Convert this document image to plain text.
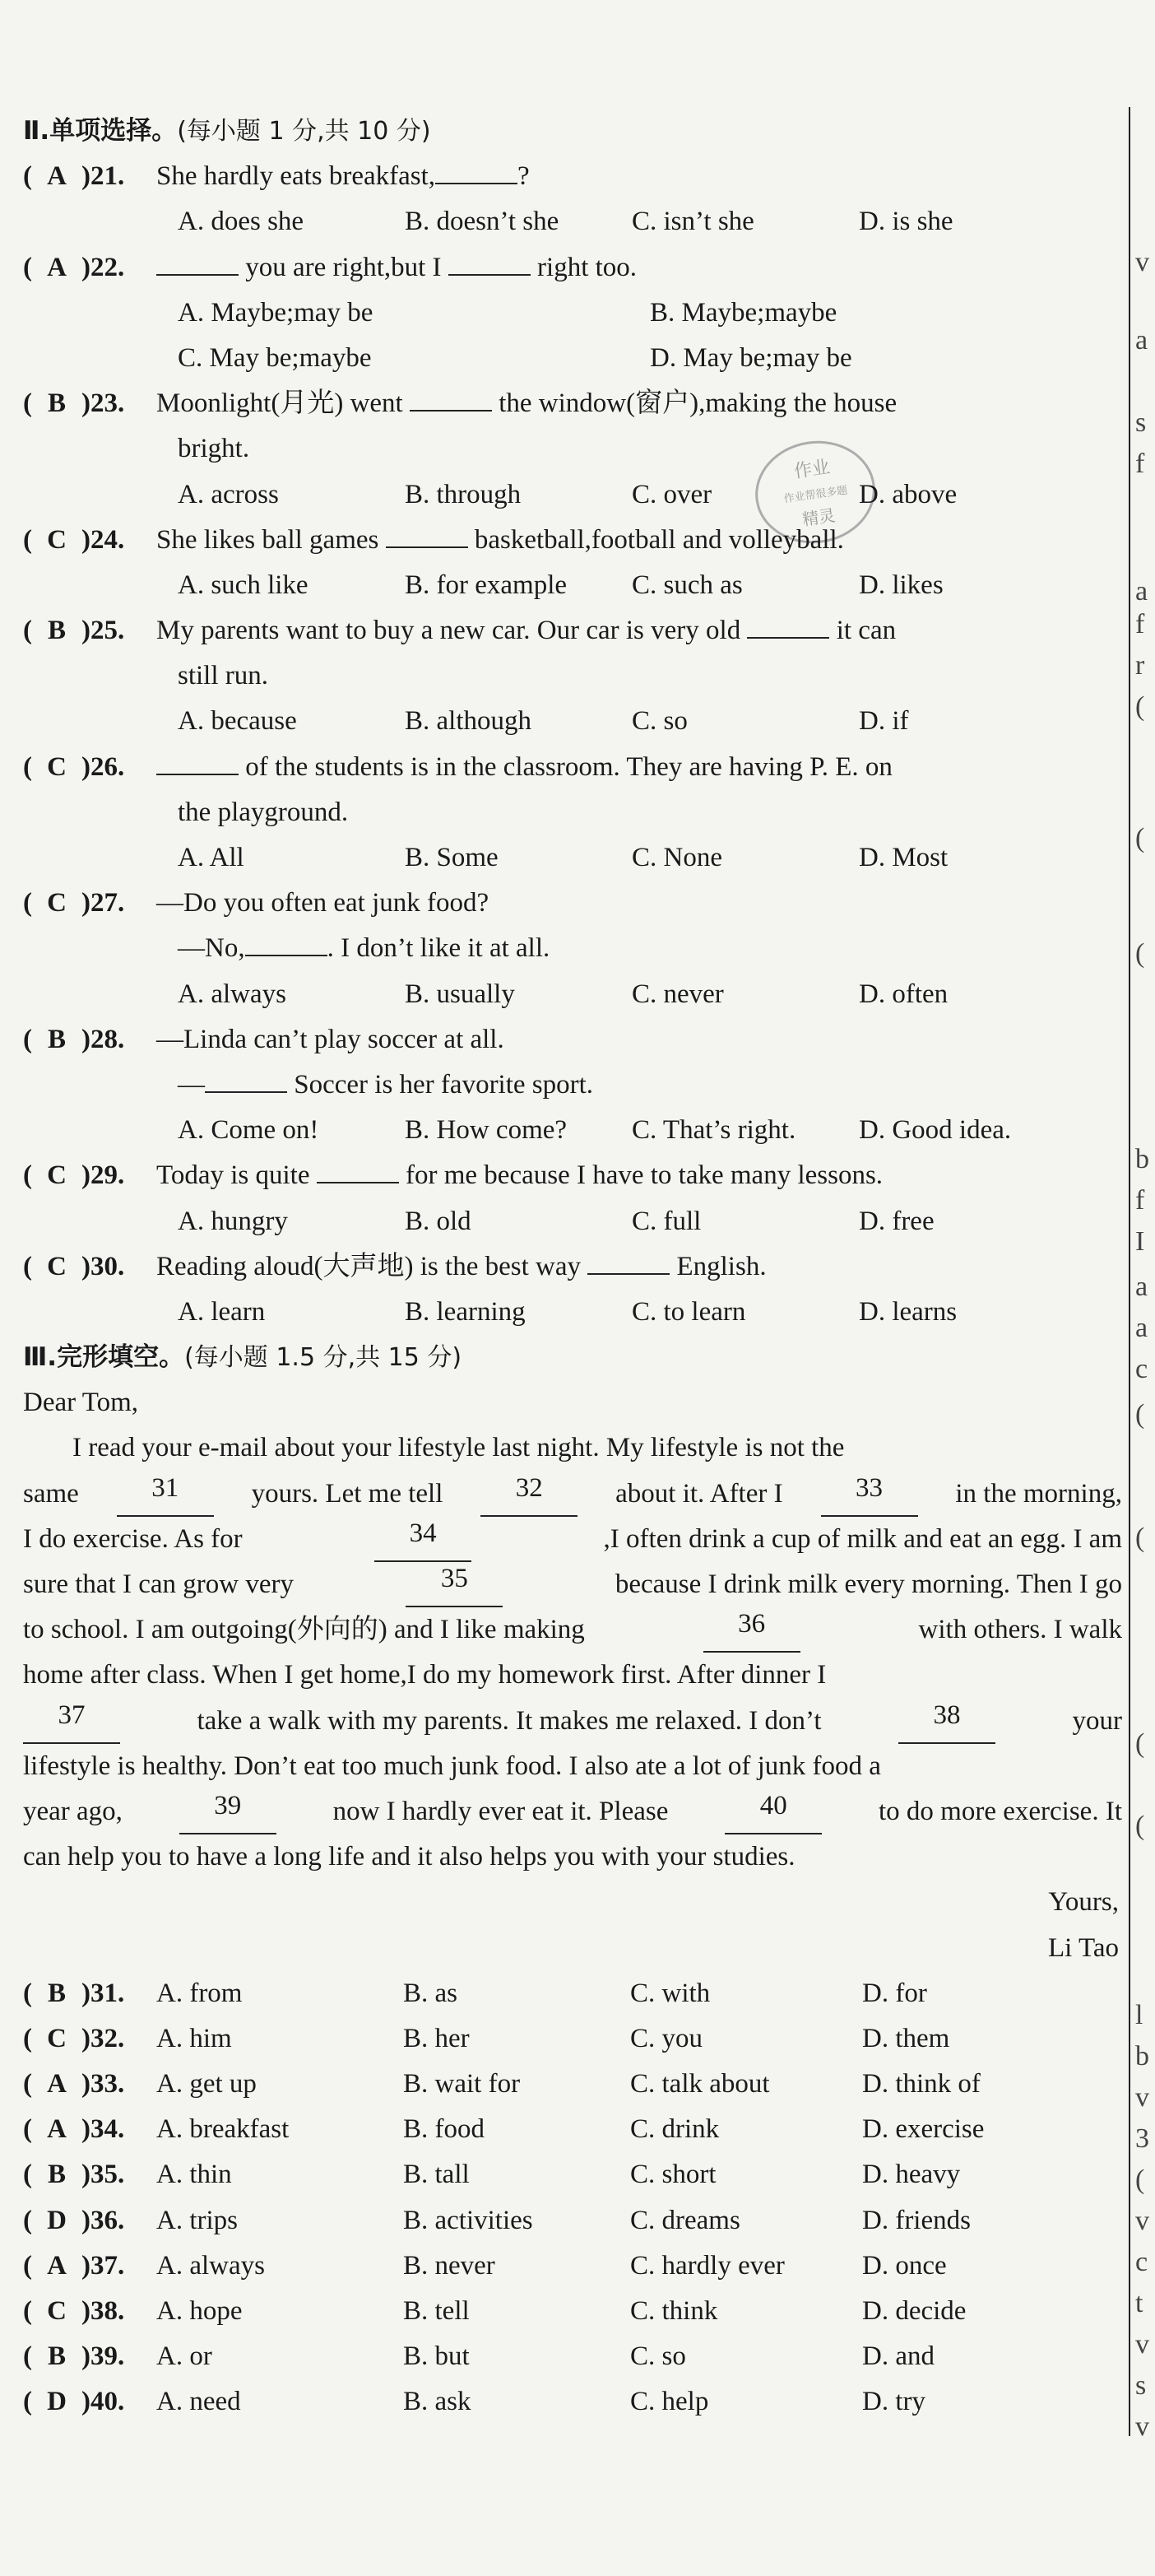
v
a
s
f
a
f
r
(
(
(
b
f
I
a
a
c
(
(
(
(
l
b
v
3
(
v
c
t
v
s
v
作业
作业帮很多题
精灵
Ⅱ.单项选择。(每小题 1 分,共 10 分)
( A )21. She hardly eats breakfast,	?
A. does she	B. doesn’t she	C. isn’t she	D. is she
( A )22.	you are right,but I	right too.
A. Maybe;may be	B. Maybe;maybe
C. May be;maybe	D. May be;may be
( B )23. Moonlight(月光) went	the window(窗户),making the house
bright.
A. across	B. through	C. over	D. above
( C )24. She likes ball games	basketball,football and volleyball.
A. such like	B. for example	C. such as	D. likes
( B )25. My parents want to buy a new car. Our car is very old	it can
still run.
A. because	B. although	C. so	D. if
( C )26.	of the students is in the classroom. They are having P. E. on
the playground.
A. All	B. Some	C. None	D. Most
( C )27. —Do you often eat junk food?
—No,	. I don’t like it at all.
A. always	B. usually	C. never	D. often
( B )28. —Linda can’t play soccer at all.
—	Soccer is her favorite sport.
A. Come on!	B. How come?	C. That’s right.	D. Good idea.
( C )29. Today is quite	for me because I have to take many lessons.
A. hungry	B. old	C. full	D. free
( C )30. Reading aloud(大声地) is the best way	English.
A. learn	B. learning	C. to learn	D. learns
Ⅲ.完形填空。(每小题 1.5 分,共 15 分)
Dear Tom,
I read your e-mail about your lifestyle last night. My lifestyle is not the
same	31	yours. Let me tell	32	about it. After I	33	in the morning,
I do exercise. As for	34	,I often drink a cup of milk and eat an egg. I am
sure that I can grow very	35	because I drink milk every morning. Then I go
to school. I am outgoing(外向的) and I like making	36	with others. I walk
home after class. When I get home,I do my homework first. After dinner I
37	take a walk with my parents. It makes me relaxed. I don’t	38	your
lifestyle is healthy. Don’t eat too much junk food. I also ate a lot of junk food a
year ago,	39	now I hardly ever eat it. Please	40	to do more exercise. It
can help you to have a long life and it also helps you with your studies.
Yours,
Li Tao
( B )31.	A. from	B. as	C. with	D. for
( C )32.	A. him	B. her	C. you	D. them
( A )33.	A. get up	B. wait for	C. talk about	D. think of
( A )34.	A. breakfast	B. food	C. drink	D. exercise
( B )35.	A. thin	B. tall	C. short	D. heavy
( D )36.	A. trips	B. activities	C. dreams	D. friends
( A )37.	A. always	B. never	C. hardly ever	D. once
( C )38.	A. hope	B. tell	C. think	D. decide
( B )39.	A. or	B. but	C. so	D. and
( D )40.	A. need	B. ask	C. help	D. try
